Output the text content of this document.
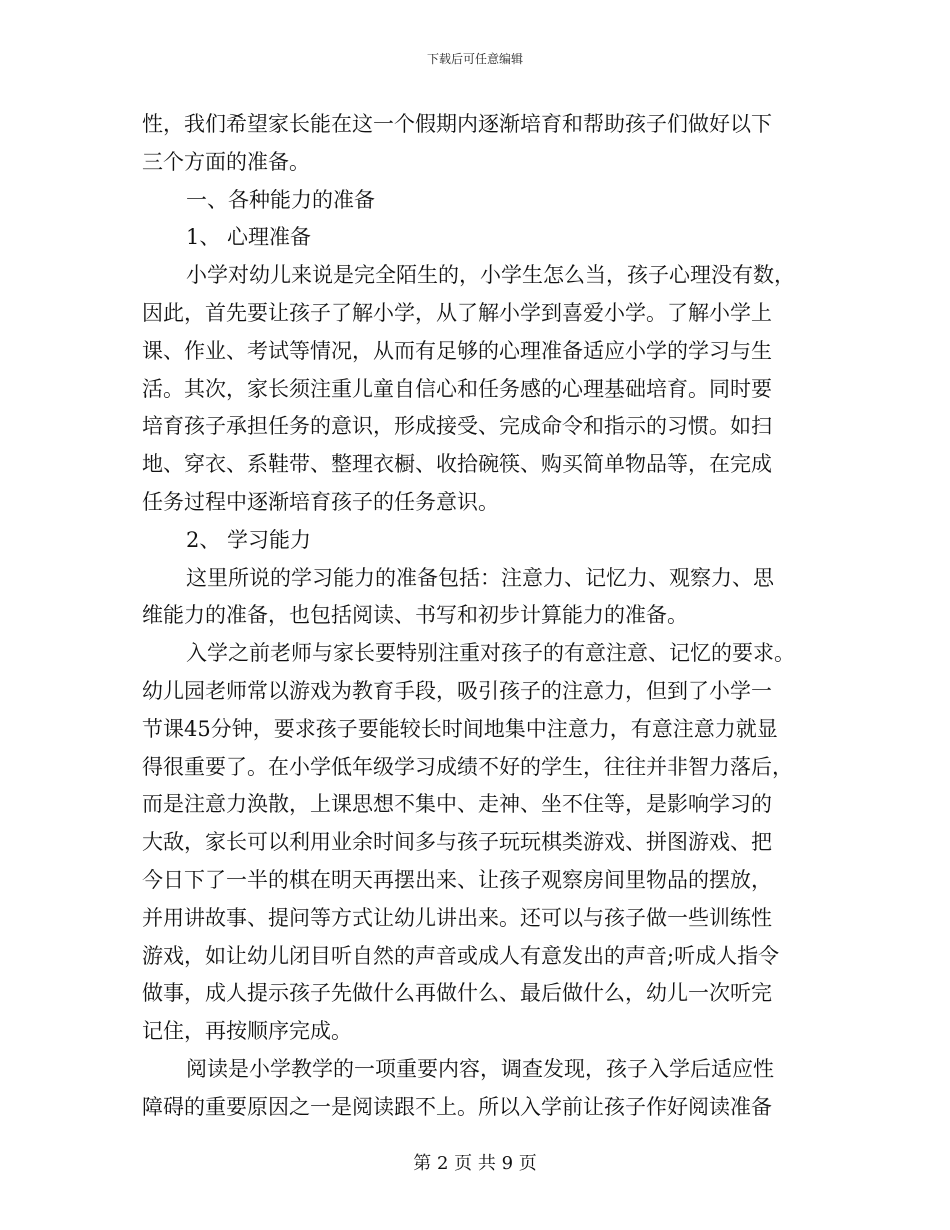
下载后可任意编辑
性，我们希望家长能在这一个假期内逐渐培育和帮助孩子们做好以下
三个方面的准备。
一、各种能力的准备
1、 心理准备
小学对幼儿来说是完全陌生的，小学生怎么当，孩子心理没有数，
因此，首先要让孩子了解小学，从了解小学到喜爱小学。了解小学上
课、作业、考试等情况，从而有足够的心理准备适应小学的学习与生
活。其次，家长须注重儿童自信心和任务感的心理基础培育。同时要
培育孩子承担任务的意识，形成接受、完成命令和指示的习惯。如扫
地、穿衣、系鞋带、整理衣橱、收拾碗筷、购买简单物品等，在完成
任务过程中逐渐培育孩子的任务意识。
2、 学习能力
这里所说的学习能力的准备包括：注意力、记忆力、观察力、思
维能力的准备，也包括阅读、书写和初步计算能力的准备。
入学之前老师与家长要特别注重对孩子的有意注意、记忆的要求。
幼儿园老师常以游戏为教育手段，吸引孩子的注意力，但到了小学一
节课45分钟，要求孩子要能较长时间地集中注意力，有意注意力就显
得很重要了。在小学低年级学习成绩不好的学生，往往并非智力落后，
而是注意力涣散，上课思想不集中、走神、坐不住等，是影响学习的
大敌，家长可以利用业余时间多与孩子玩玩棋类游戏、拼图游戏、把
今日下了一半的棋在明天再摆出来、让孩子观察房间里物品的摆放，
并用讲故事、提问等方式让幼儿讲出来。还可以与孩子做一些训练性
游戏，如让幼儿闭目听自然的声音或成人有意发出的声音;听成人指令
做事，成人提示孩子先做什么再做什么、最后做什么，幼儿一次听完
记住，再按顺序完成。
阅读是小学教学的一项重要内容，调查发现，孩子入学后适应性
障碍的重要原因之一是阅读跟不上。所以入学前让孩子作好阅读准备
第 2 页 共 9 页
